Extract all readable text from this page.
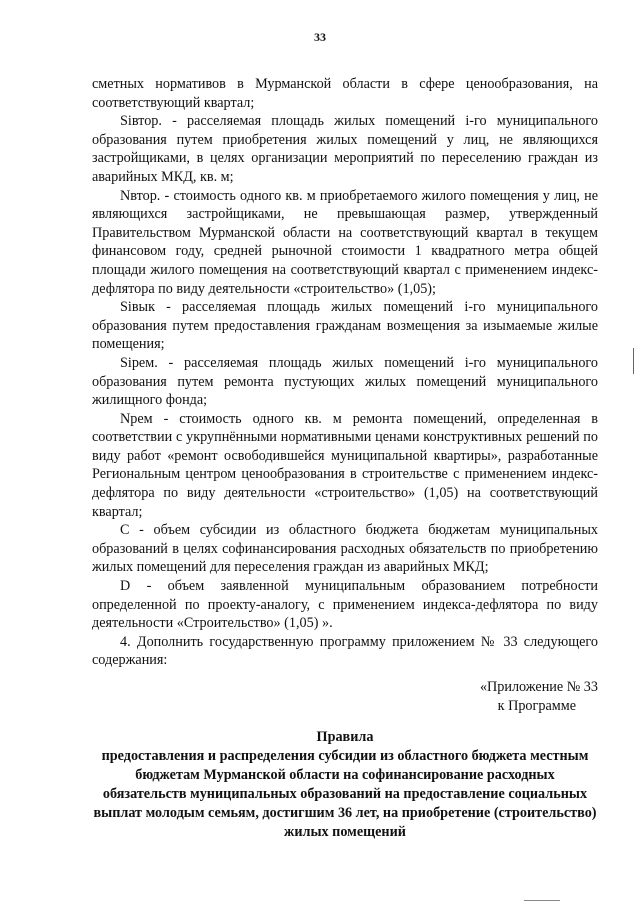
33

сметных нормативов в Мурманской области в сфере ценообразования, на соответствующий квартал;

Sівтор. - расселяемая площадь жилых помещений і-го муниципального образования путем приобретения жилых помещений у лиц, не являющихся застройщиками, в целях организации мероприятий по переселению граждан из аварийных МКД, кв. м;

Nвтор. - стоимость одного кв. м приобретаемого жилого помещения у лиц, не являющихся застройщиками, не превышающая размер, утвержденный Правительством Мурманской области на соответствующий квартал в текущем финансовом году, средней рыночной стоимости 1 квадратного метра общей площади жилого помещения на соответствующий квартал с применением индекс-дефлятора по виду деятельности «строительство» (1,05);

Sівык - расселяемая площадь жилых помещений і-го муниципального образования путем предоставления гражданам возмещения за изымаемые жилые помещения;

Sірем. - расселяемая площадь жилых помещений і-го муниципального образования путем ремонта пустующих жилых помещений муниципального жилищного фонда;

Nрем - стоимость одного кв. м ремонта помещений, определенная в соответствии с укрупнёнными нормативными ценами конструктивных решений по виду работ «ремонт освободившейся муниципальной квартиры», разработанные Региональным центром ценообразования в строительстве с применением индекс-дефлятора по виду деятельности «строительство» (1,05) на соответствующий квартал;

C - объем субсидии из областного бюджета бюджетам муниципальных образований в целях софинансирования расходных обязательств по приобретению жилых помещений для переселения граждан из аварийных МКД;

D - объем заявленной муниципальным образованием потребности определенной по проекту-аналогу, с применением индекса-дефлятора по виду деятельности «Строительство» (1,05) ».

4. Дополнить государственную программу приложением № 33 следующего содержания:

«Приложение № 33
к Программе
Правила
предоставления и распределения субсидии из областного бюджета местным бюджетам Мурманской области на софинансирование расходных обязательств муниципальных образований на предоставление социальных выплат молодым семьям, достигшим 36 лет, на приобретение (строительство) жилых помещений
